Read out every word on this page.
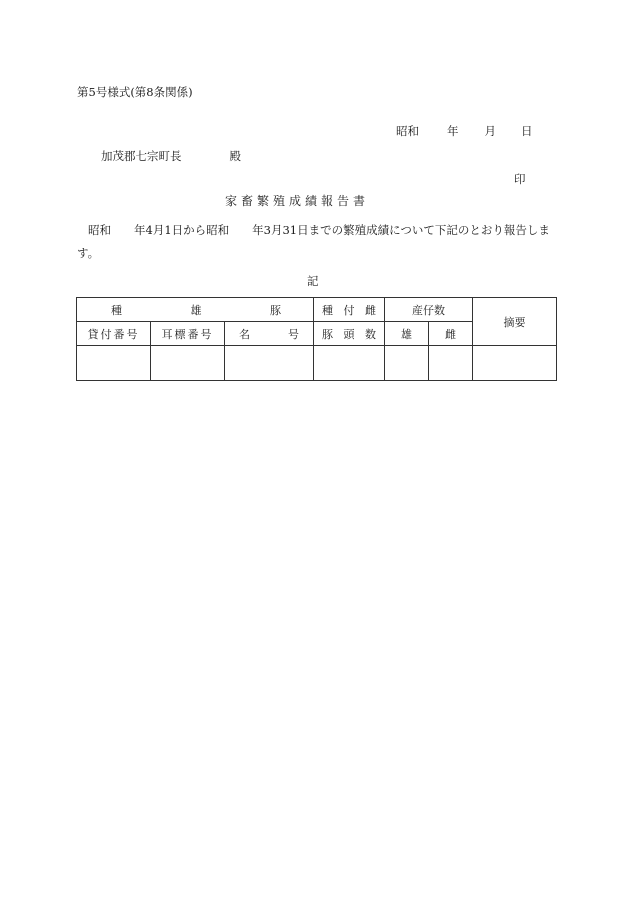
第5号様式(第8条関係)
昭和 年 月 日
加茂郡七宗町長	殿
印
家畜繁殖成績報告書
昭和　　年4月1日から昭和　　年3月31日までの繁殖成績について下記のとおり報告します。
記
種 雄 豚			種 付 雌	産仔数		摘要
貸付番号	耳標番号	名 号	豚 頭 数	雄	雌	
